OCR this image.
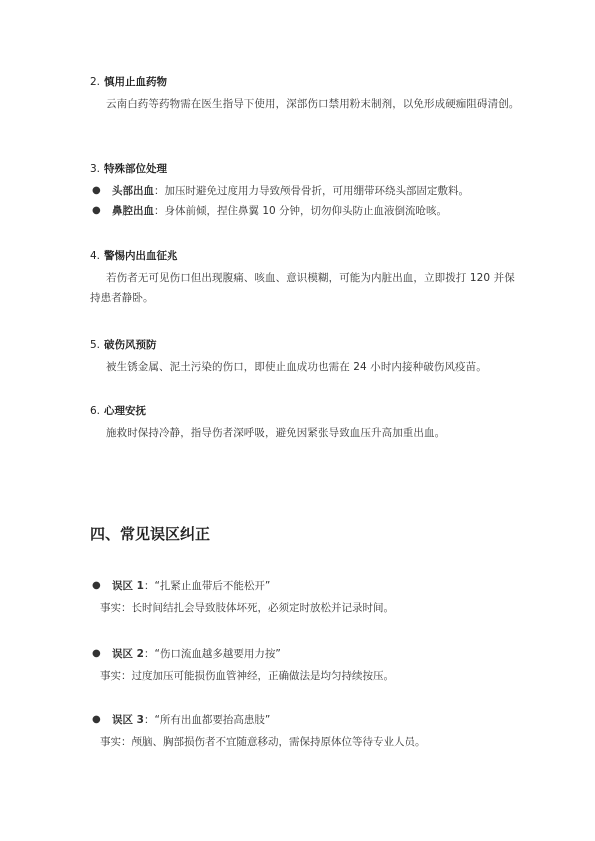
2. 慎用止血药物
云南白药等药物需在医生指导下使用，深部伤口禁用粉末制剂，以免形成硬痂阻碍清创。
3. 特殊部位处理
● 头部出血：加压时避免过度用力导致颅骨骨折，可用绷带环绕头部固定敷料。
● 鼻腔出血：身体前倾，捏住鼻翼 10 分钟，切勿仰头防止血液倒流呛咳。
4. 警惕内出血征兆
若伤者无可见伤口但出现腹痛、咳血、意识模糊，可能为内脏出血，立即拨打 120 并保持患者静卧。
5. 破伤风预防
被生锈金属、泥土污染的伤口，即使止血成功也需在 24 小时内接种破伤风疫苗。
6. 心理安抚
施救时保持冷静，指导伤者深呼吸，避免因紧张导致血压升高加重出血。
四、常见误区纠正
● 误区 1：“扎紧止血带后不能松开”
事实：长时间结扎会导致肢体坏死，必须定时放松并记录时间。
● 误区 2：“伤口流血越多越要用力按”
事实：过度加压可能损伤血管神经，正确做法是均匀持续按压。
● 误区 3：“所有出血都要抬高患肢”
事实：颅脑、胸部损伤者不宜随意移动，需保持原体位等待专业人员。
